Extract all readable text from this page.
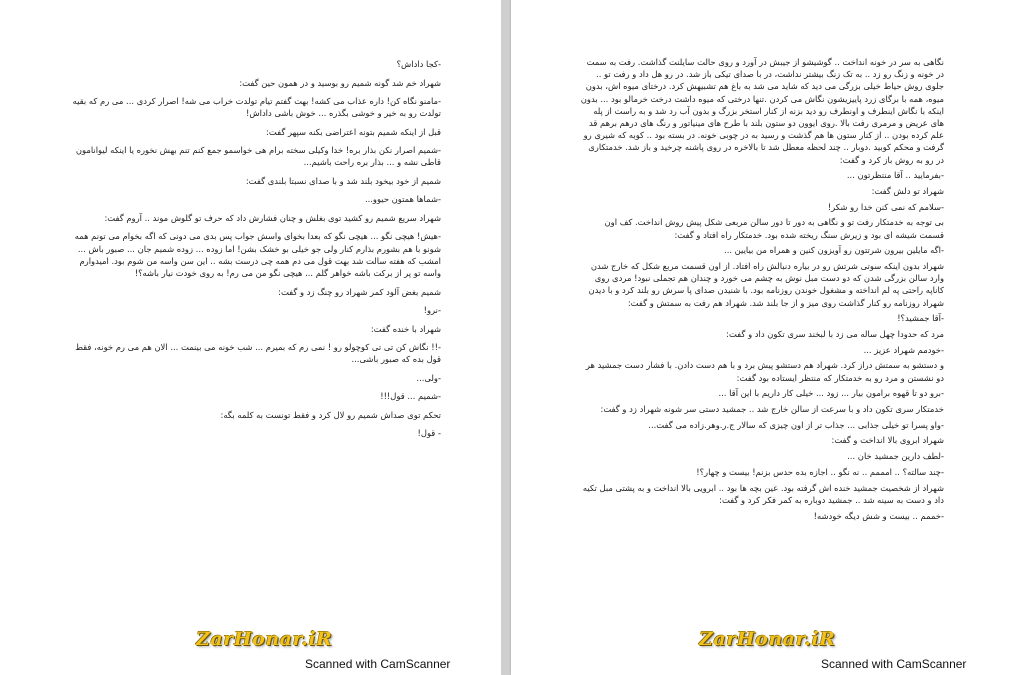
-کجا داداش؟

شهراد خم شد گونه شمیم رو بوسید و در همون حین گفت:

-مامنو نگاه کن! داره عذاب می کشه! بهت گفتم تیام تولدت خراب می شه! اصرار کردی ... می رم که بقیه تولدت رو به خیر و خوشی بگذره ... خوش باشی داداش!

قبل از اینکه شمیم بتونه اعتراضی بکنه سپهر گفت:

-شمیم اصرار نکن بذار بره! خدا وکیلی سخته برام هی خواسمو جمع کنم تنم بهش نخوره یا اینکه لیوانامون قاطی نشه و ... بذار بره راحت باشیم...

شمیم از خود بیخود بلند شد و با صدای نسبتا بلندی گفت:

-شماها همتون حیوو...

شهراد سریع شمیم رو کشید توی بغلش و چنان فشارش داد که حرف تو گلوش موند .. آروم گفت:

-هیش! هیچی نگو ... هیچی نگو که بعدا بخوای واسش جواب پس بدی می دونی که اگه بخوام می تونم همه شونو با هم بشورم بذارم کنار ولی جو خیلی بو خشک بشن! اما زوده ... زوده شمیم جان ... صبور باش ... امشب که هفته سالت شد بهت قول می دم همه چی درست بشه .. این سن واسه من شوم بود. امیدوارم واسه تو پر از برکت باشه خواهر گلم ... هیچی نگو من می رم! به روی خودت نیار باشه؟!

شمیم بغض آلود کمر شهراد رو چنگ زد و گفت:

-نرو!

شهراد با خنده گفت:

-!! نگاش کن تی تی کوچولو رو ! نمی رم که بمیرم ... شب خونه می بینمت ... الان هم می رم خونه، فقط قول بده که صبور باشی...

-ولی...

-شمیم ... قول!!!

تحکم توی صداش شمیم رو لال کرد و فقط تونست به کلمه بگه:

- قول!

ZarHonar.iR
Scanned with CamScanner

نگاهی به سر در خونه انداخت .. گوشیشو از جیبش در آورد و روی حالت سایلنت گذاشت. رفت به سمت در خونه و زنگ رو زد .. به تک زنگ بیشتر نداشت، در با صدای تیکی باز شد. در رو هل داد و رفت تو .. جلوی روش حیاط خیلی بزرگی می دید که شاید می شد به باغ هم تشبیهش کرد. درختای میوه اش، بدون میوه، همه با برگای زرد پاییزیشون نگاش می کردن .تنها درختی که میوه داشت درخت خرمالو بود ... بدون اینکه با نگاش اینطرف و اونطرف رو دید بزنه از کنار استخر بزرگ و بدون آب رد شد و به راست از پله های عریض و مرمری رفت بالا .روی ایوون دو ستون بلند با طرح های مینیاتور و رنگ های درهم برهم قد علم کرده بودن .. از کنار ستون ها هم گذشت و رسید به در چوبی خونه. در بسته بود .. کوبه که شیری رو گرفت و محکم کوبید .دوبار .. چند لحظه معطل شد تا بالاخره در روی پاشنه چرخید و باز شد. خدمتکاری در رو به روش باز کرد و گفت:

-بفرمایید .. آقا منتظرتون ...

شهراد تو دلش گفت:

-سلامم که نمی کنن خدا رو شکر!

بی توجه به خدمتکار رفت تو و نگاهی به دور تا دور سالن مربعی شکل پیش روش انداخت. کف اون قسمت شیشه ای بود و زیرش سنگ ریخته شده بود. خدمتکار راه افتاد و گفت:

-اگه مایلین بیرون شرتتون رو آویزون کنین و همراه من بیایین ...

شهراد بدون اینکه سوتی شرتش رو در بیاره دنبالش راه افتاد. از اون قسمت مربع شکل که خارج شدن وارد سالن بزرگی شدن که دو دست مبل نوش به چشم می خورد و چندان هم تجملی نبود! مردی روی کاناپه راحتی په لم انداخته و مشغول خوندن روزنامه بود. با شنیدن صدای پا سرش رو بلند کرد و با دیدن شهراد روزنامه رو کنار گذاشت روی میز و از جا بلند شد. شهراد هم رفت به سمتش و گفت:

-آقا جمشید؟!

مرد که حدودا چهل ساله می زد با لبخند سری تکون داد و گفت:

-خودمم شهراد عزیز ...

و دستشو به سمتش دراز کرد. شهراد هم دستشو پیش برد و با هم دست دادن. با فشار دست جمشید هر دو نشستن و مرد رو به خدمتکار که منتظر ایستاده بود گفت:

-برو دو تا قهوه برامون بیار ... زود ... خیلی کار داریم با این آقا ...

خدمتکار سری تکون داد و با سرعت از سالن خارج شد .. جمشید دستی سر شونه شهراد زد و گفت:

-واو پسرا تو خیلی جذابی ... جذاب تر از اون چیزی که سالار ج.ر.وهر.زاده می گفت...

شهراد ابروی بالا انداخت و گفت:

-لطف دارین جمشید خان ...

-چند سالته؟ .. امممم .. نه نگو .. اجازه بده حدس بزنم! بیست و چهار؟!

شهراد از شخصیت جمشید خنده اش گرفته بود. عین بچه ها بود .. ابرویی بالا انداخت و به پشتی مبل تکیه داد و دست به سینه شد .. جمشید دوباره به کمر فکر کرد و گفت:

-خممم .. بیست و شش دیگه خودشه!

ZarHonar.iR
Scanned with CamScanner
